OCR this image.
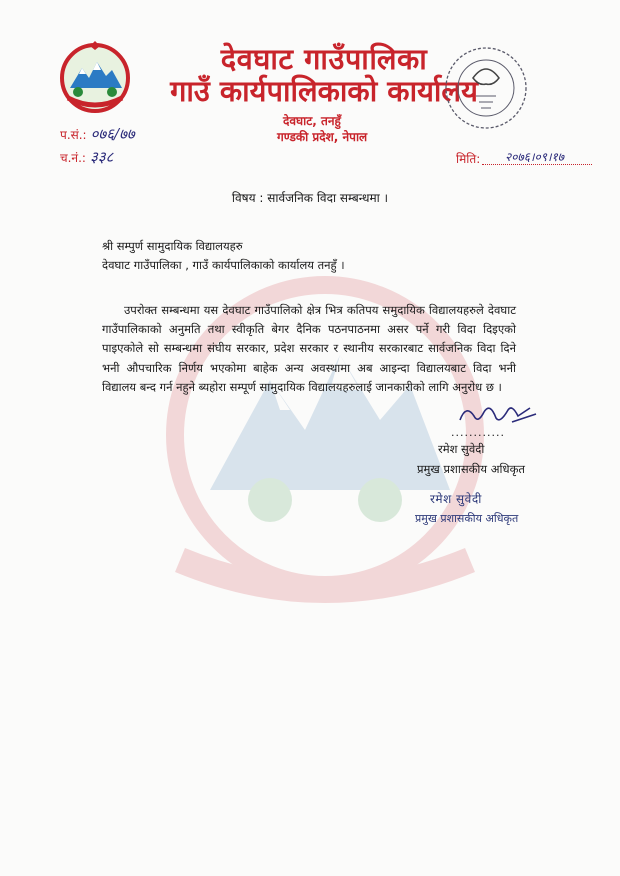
देवघाट गाउँपालिका
गाउँ कार्यपालिकाको कार्यालय
देवघाट, तनहुँ
गण्डकी प्रदेश, नेपाल
प.सं.: ०७६/७७
च.नं.: ३३८	मिति: २०७६।०९।१७
विषय : सार्वजनिक विदा सम्बन्धमा ।
श्री सम्पुर्ण सामुदायिक विद्यालयहरु
देवघाट गाउँपालिका , गाउँ कार्यपालिकाको कार्यालय तनहुँ ।
उपरोक्त सम्बन्धमा यस देवघाट गाउँपालिको क्षेत्र भित्र कतिपय समुदायिक विद्यालयहरुले देवघाट गाउँपालिकाको अनुमति तथा स्वीकृति बेगर दैनिक पठनपाठनमा असर पर्ने गरी विदा दिइएको पाइएकोले सो सम्बन्धमा संघीय सरकार, प्रदेश सरकार र स्थानीय सरकारबाट सार्वजनिक विदा दिने भनी औपचारिक निर्णय भएकोमा बाहेक अन्य अवस्थामा अब आइन्दा विद्यालयबाट विदा भनी विद्यालय बन्द गर्न नहुने ब्यहोरा सम्पूर्ण सामुदायिक विद्यालयहरुलाई जानकारीको लागि अनुरोध छ ।
............
रमेश सुवेदी
प्रमुख प्रशासकीय अधिकृत
रमेश सुवेदी
प्रमुख प्रशासकीय अधिकृत
